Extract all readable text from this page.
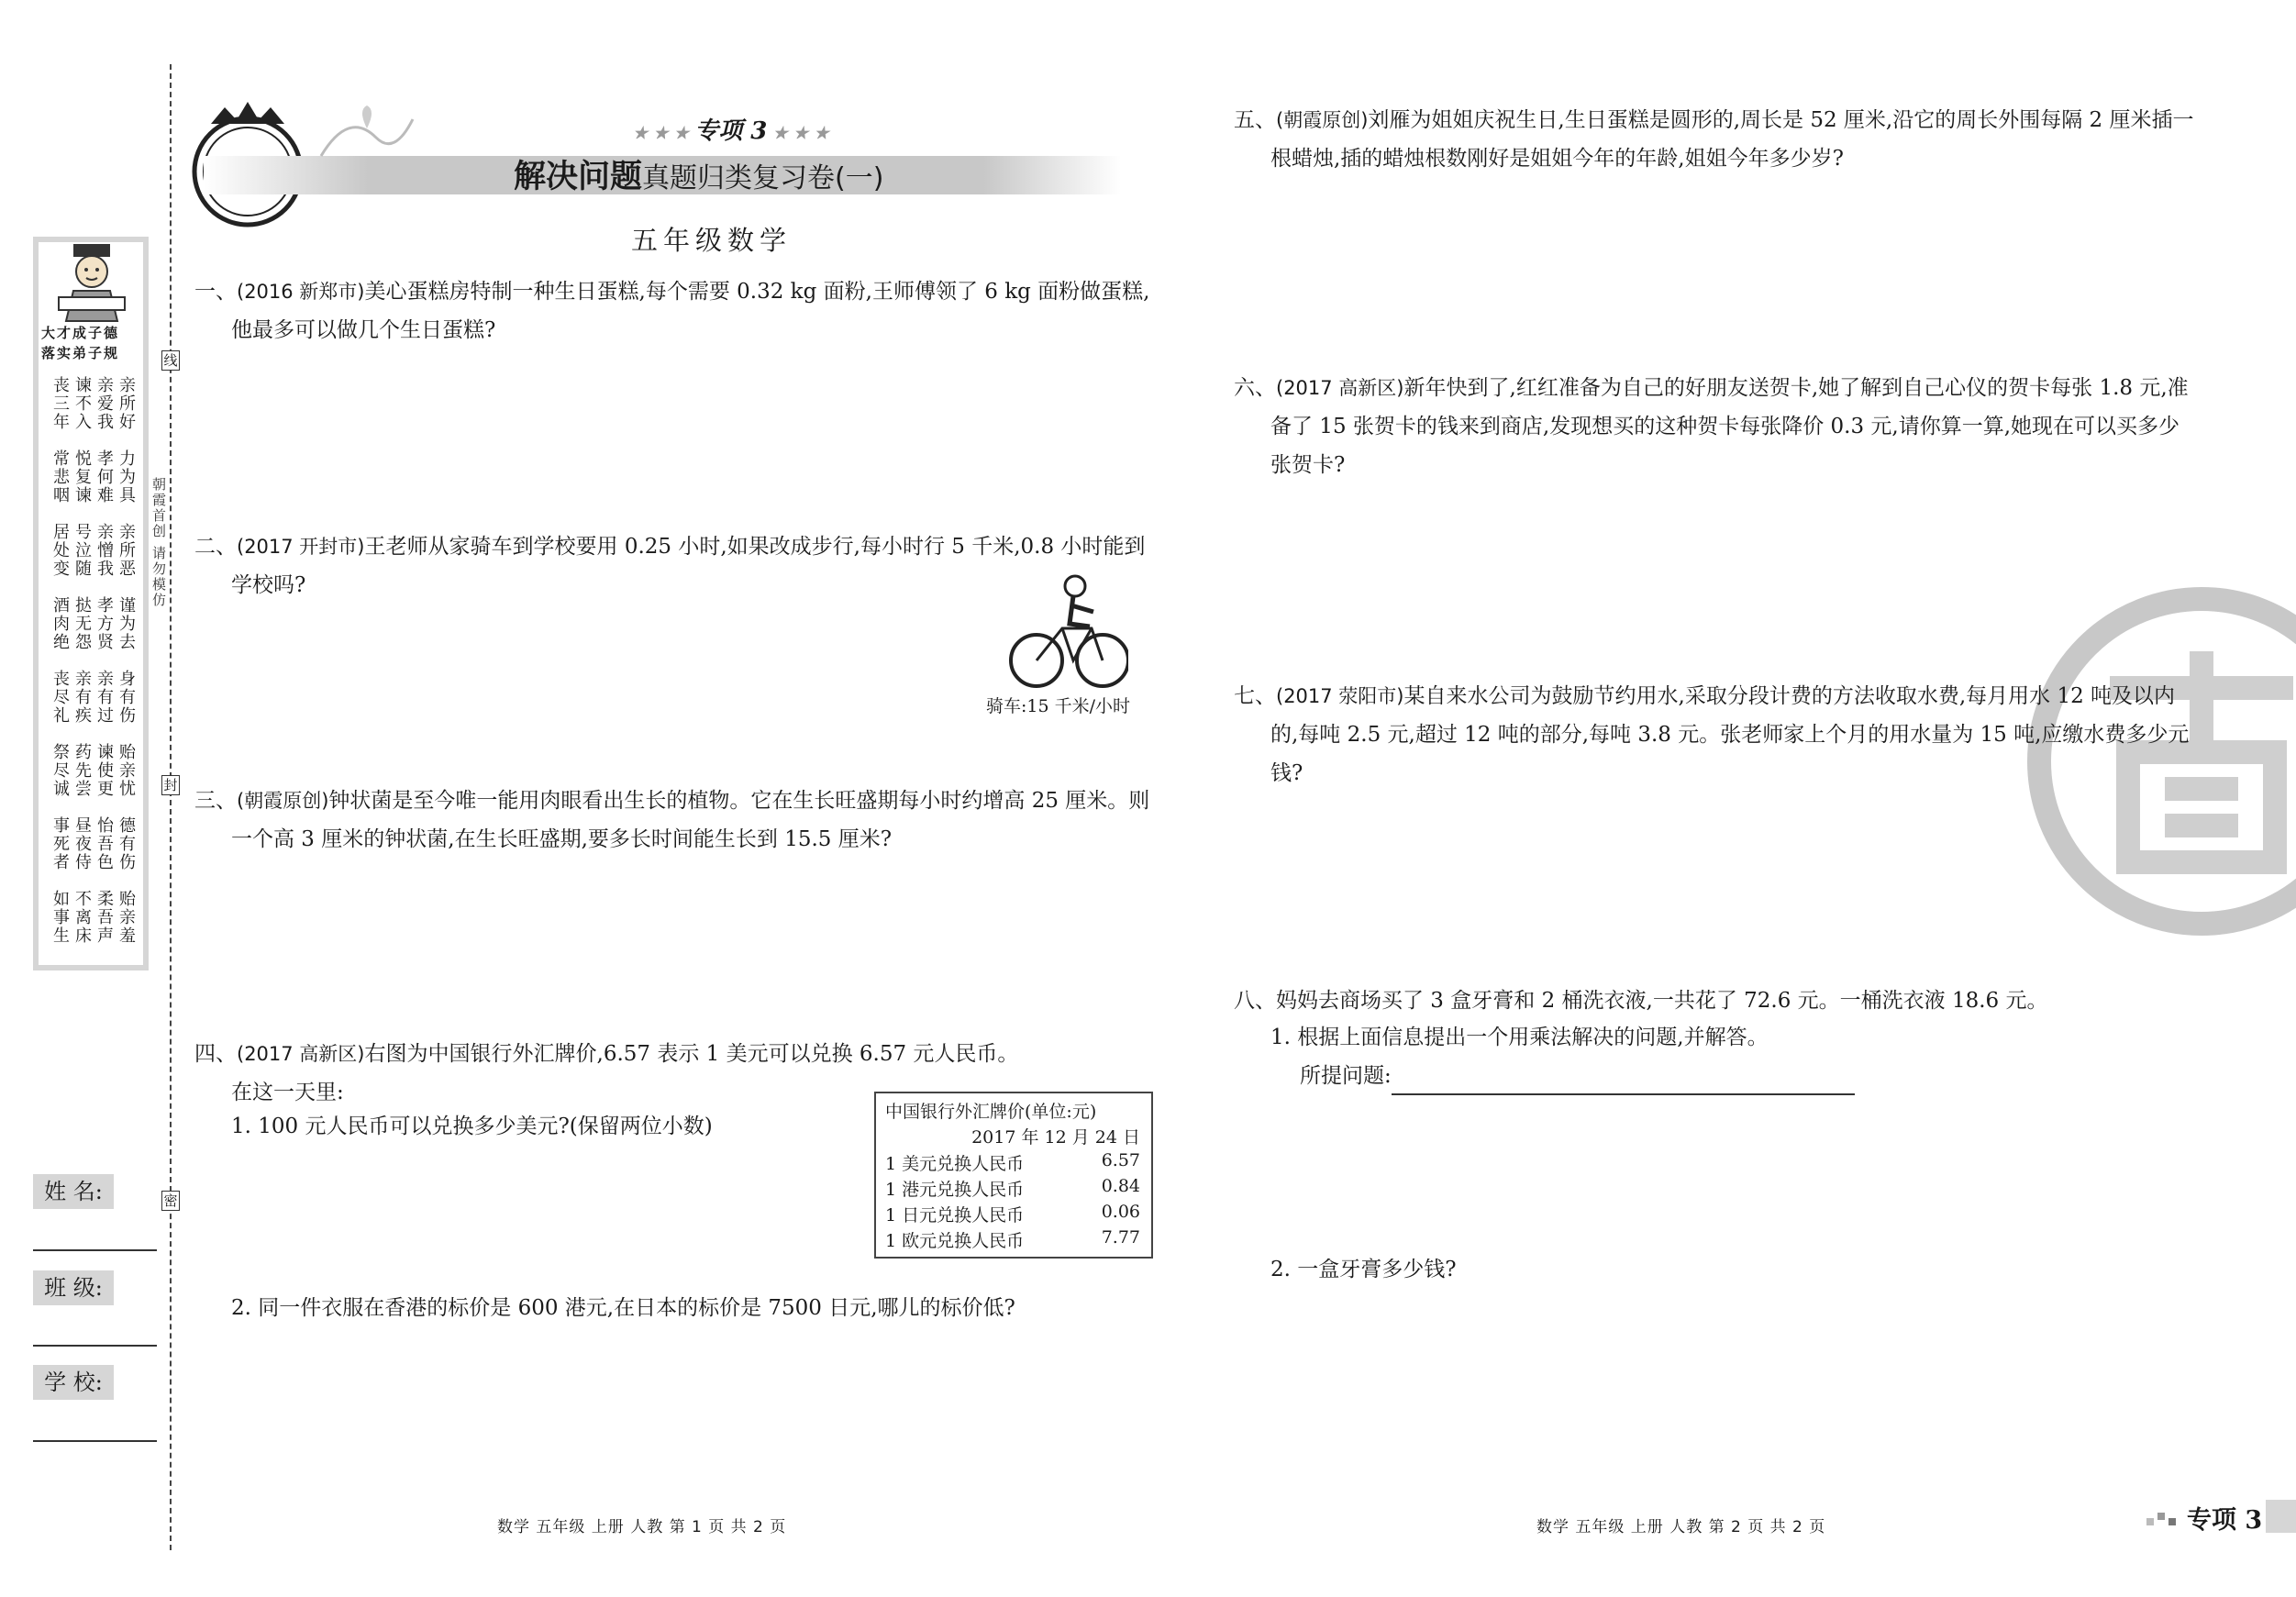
线
封
密
朝霞首创 请勿模仿
大才成子德
落实弟子规
亲所好
亲爱我
谏不入
丧三年
力为具
孝何难
悦复谏
常悲咽
亲所恶
亲憎我
号泣随
居处变
谨为去
孝方贤
挞无怨
酒肉绝
身有伤
亲有过
亲有疾
丧尽礼
贻亲忧
谏使更
药先尝
祭尽诚
德有伤
怡吾色
昼夜侍
事死者
贻亲羞
柔吾声
不离床
如事生
姓 名:
班 级:
学 校:
★ ★ ★ 专项 3 ★ ★ ★
解决问题真题归类复习卷(一)
五年级数学
一、(2016 新郑市)美心蛋糕房特制一种生日蛋糕,每个需要 0.32 kg 面粉,王师傅领了 6 kg 面粉做蛋糕,他最多可以做几个生日蛋糕?
二、(2017 开封市)王老师从家骑车到学校要用 0.25 小时,如果改成步行,每小时行 5 千米,0.8 小时能到学校吗?
骑车:15 千米/小时
三、(朝霞原创)钟状菌是至今唯一能用肉眼看出生长的植物。它在生长旺盛期每小时约增高 25 厘米。则一个高 3 厘米的钟状菌,在生长旺盛期,要多长时间能生长到 15.5 厘米?
四、(2017 高新区)右图为中国银行外汇牌价,6.57 表示 1 美元可以兑换 6.57 元人民币。
在这一天里:
1. 100 元人民币可以兑换多少美元?(保留两位小数)
中国银行外汇牌价(单位:元)
2017 年 12 月 24 日
1 美元兑换人民币	6.57
1 港元兑换人民币	0.84
1 日元兑换人民币	0.06
1 欧元兑换人民币	7.77
2. 同一件衣服在香港的标价是 600 港元,在日本的标价是 7500 日元,哪儿的标价低?
五、(朝霞原创)刘雁为姐姐庆祝生日,生日蛋糕是圆形的,周长是 52 厘米,沿它的周长外围每隔 2 厘米插一根蜡烛,插的蜡烛根数刚好是姐姐今年的年龄,姐姐今年多少岁?
六、(2017 高新区)新年快到了,红红准备为自己的好朋友送贺卡,她了解到自己心仪的贺卡每张 1.8 元,准备了 15 张贺卡的钱来到商店,发现想买的这种贺卡每张降价 0.3 元,请你算一算,她现在可以买多少张贺卡?
七、(2017 荥阳市)某自来水公司为鼓励节约用水,采取分段计费的方法收取水费,每月用水 12 吨及以内的,每吨 2.5 元,超过 12 吨的部分,每吨 3.8 元。张老师家上个月的用水量为 15 吨,应缴水费多少元钱?
八、妈妈去商场买了 3 盒牙膏和 2 桶洗衣液,一共花了 72.6 元。一桶洗衣液 18.6 元。
1. 根据上面信息提出一个用乘法解决的问题,并解答。
所提问题:
2. 一盒牙膏多少钱?
数学 五年级 上册 人教 第 1 页 共 2 页	数学 五年级 上册 人教 第 2 页 共 2 页	专项 3
